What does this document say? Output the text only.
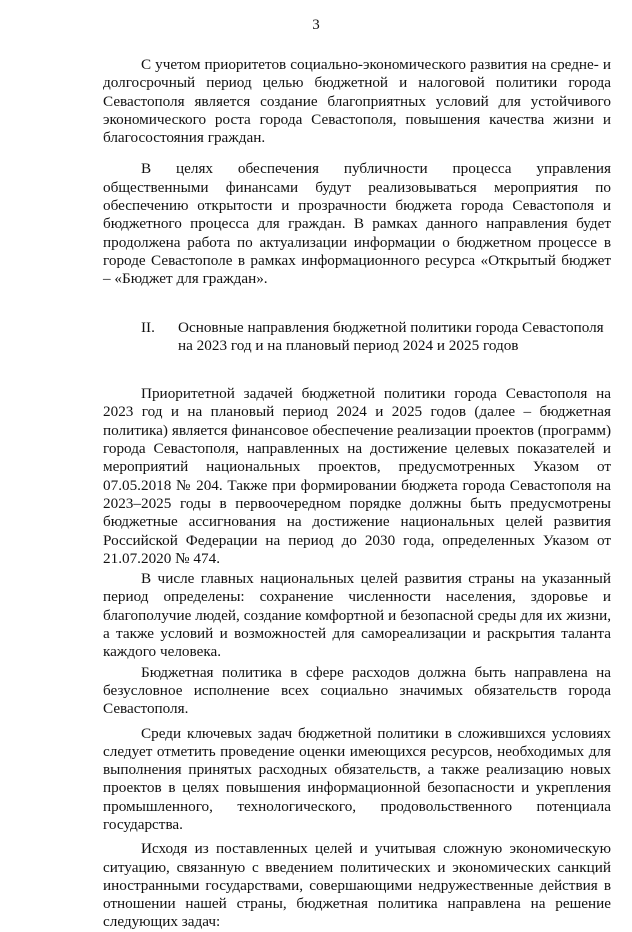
3

С учетом приоритетов социально-экономического развития на средне- и долгосрочный период целью бюджетной и налоговой политики города Севастополя является создание благоприятных условий для устойчивого экономического роста города Севастополя, повышения качества жизни и благосостояния граждан.

В целях обеспечения публичности процесса управления общественными финансами будут реализовываться мероприятия по обеспечению открытости и прозрачности бюджета города Севастополя и бюджетного процесса для граждан. В рамках данного направления будет продолжена работа по актуализации информации о бюджетном процессе в городе Севастополе в рамках информационного ресурса «Открытый бюджет – «Бюджет для граждан».

II.	Основные направления бюджетной политики города Севастополя на 2023 год и на плановый период 2024 и 2025 годов

Приоритетной задачей бюджетной политики города Севастополя на 2023 год и на плановый период 2024 и 2025 годов (далее – бюджетная политика) является финансовое обеспечение реализации проектов (программ) города Севастополя, направленных на достижение целевых показателей и мероприятий национальных проектов, предусмотренных Указом от 07.05.2018 № 204. Также при формировании бюджета города Севастополя на 2023–2025 годы в первоочередном порядке должны быть предусмотрены бюджетные ассигнования на достижение национальных целей развития Российской Федерации на период до 2030 года, определенных Указом от 21.07.2020 № 474.

В числе главных национальных целей развития страны на указанный период определены: сохранение численности населения, здоровье и благополучие людей, создание комфортной и безопасной среды для их жизни, а также условий и возможностей для самореализации и раскрытия таланта каждого человека.

Бюджетная политика в сфере расходов должна быть направлена на безусловное исполнение всех социально значимых обязательств города Севастополя.

Среди ключевых задач бюджетной политики в сложившихся условиях следует отметить проведение оценки имеющихся ресурсов, необходимых для выполнения принятых расходных обязательств, а также реализацию новых проектов в целях повышения информационной безопасности и укрепления промышленного, технологического, продовольственного потенциала государства.

Исходя из поставленных целей и учитывая сложную экономическую ситуацию, связанную с введением политических и экономических санкций иностранными государствами, совершающими недружественные действия в отношении нашей страны, бюджетная политика направлена на решение следующих задач:
